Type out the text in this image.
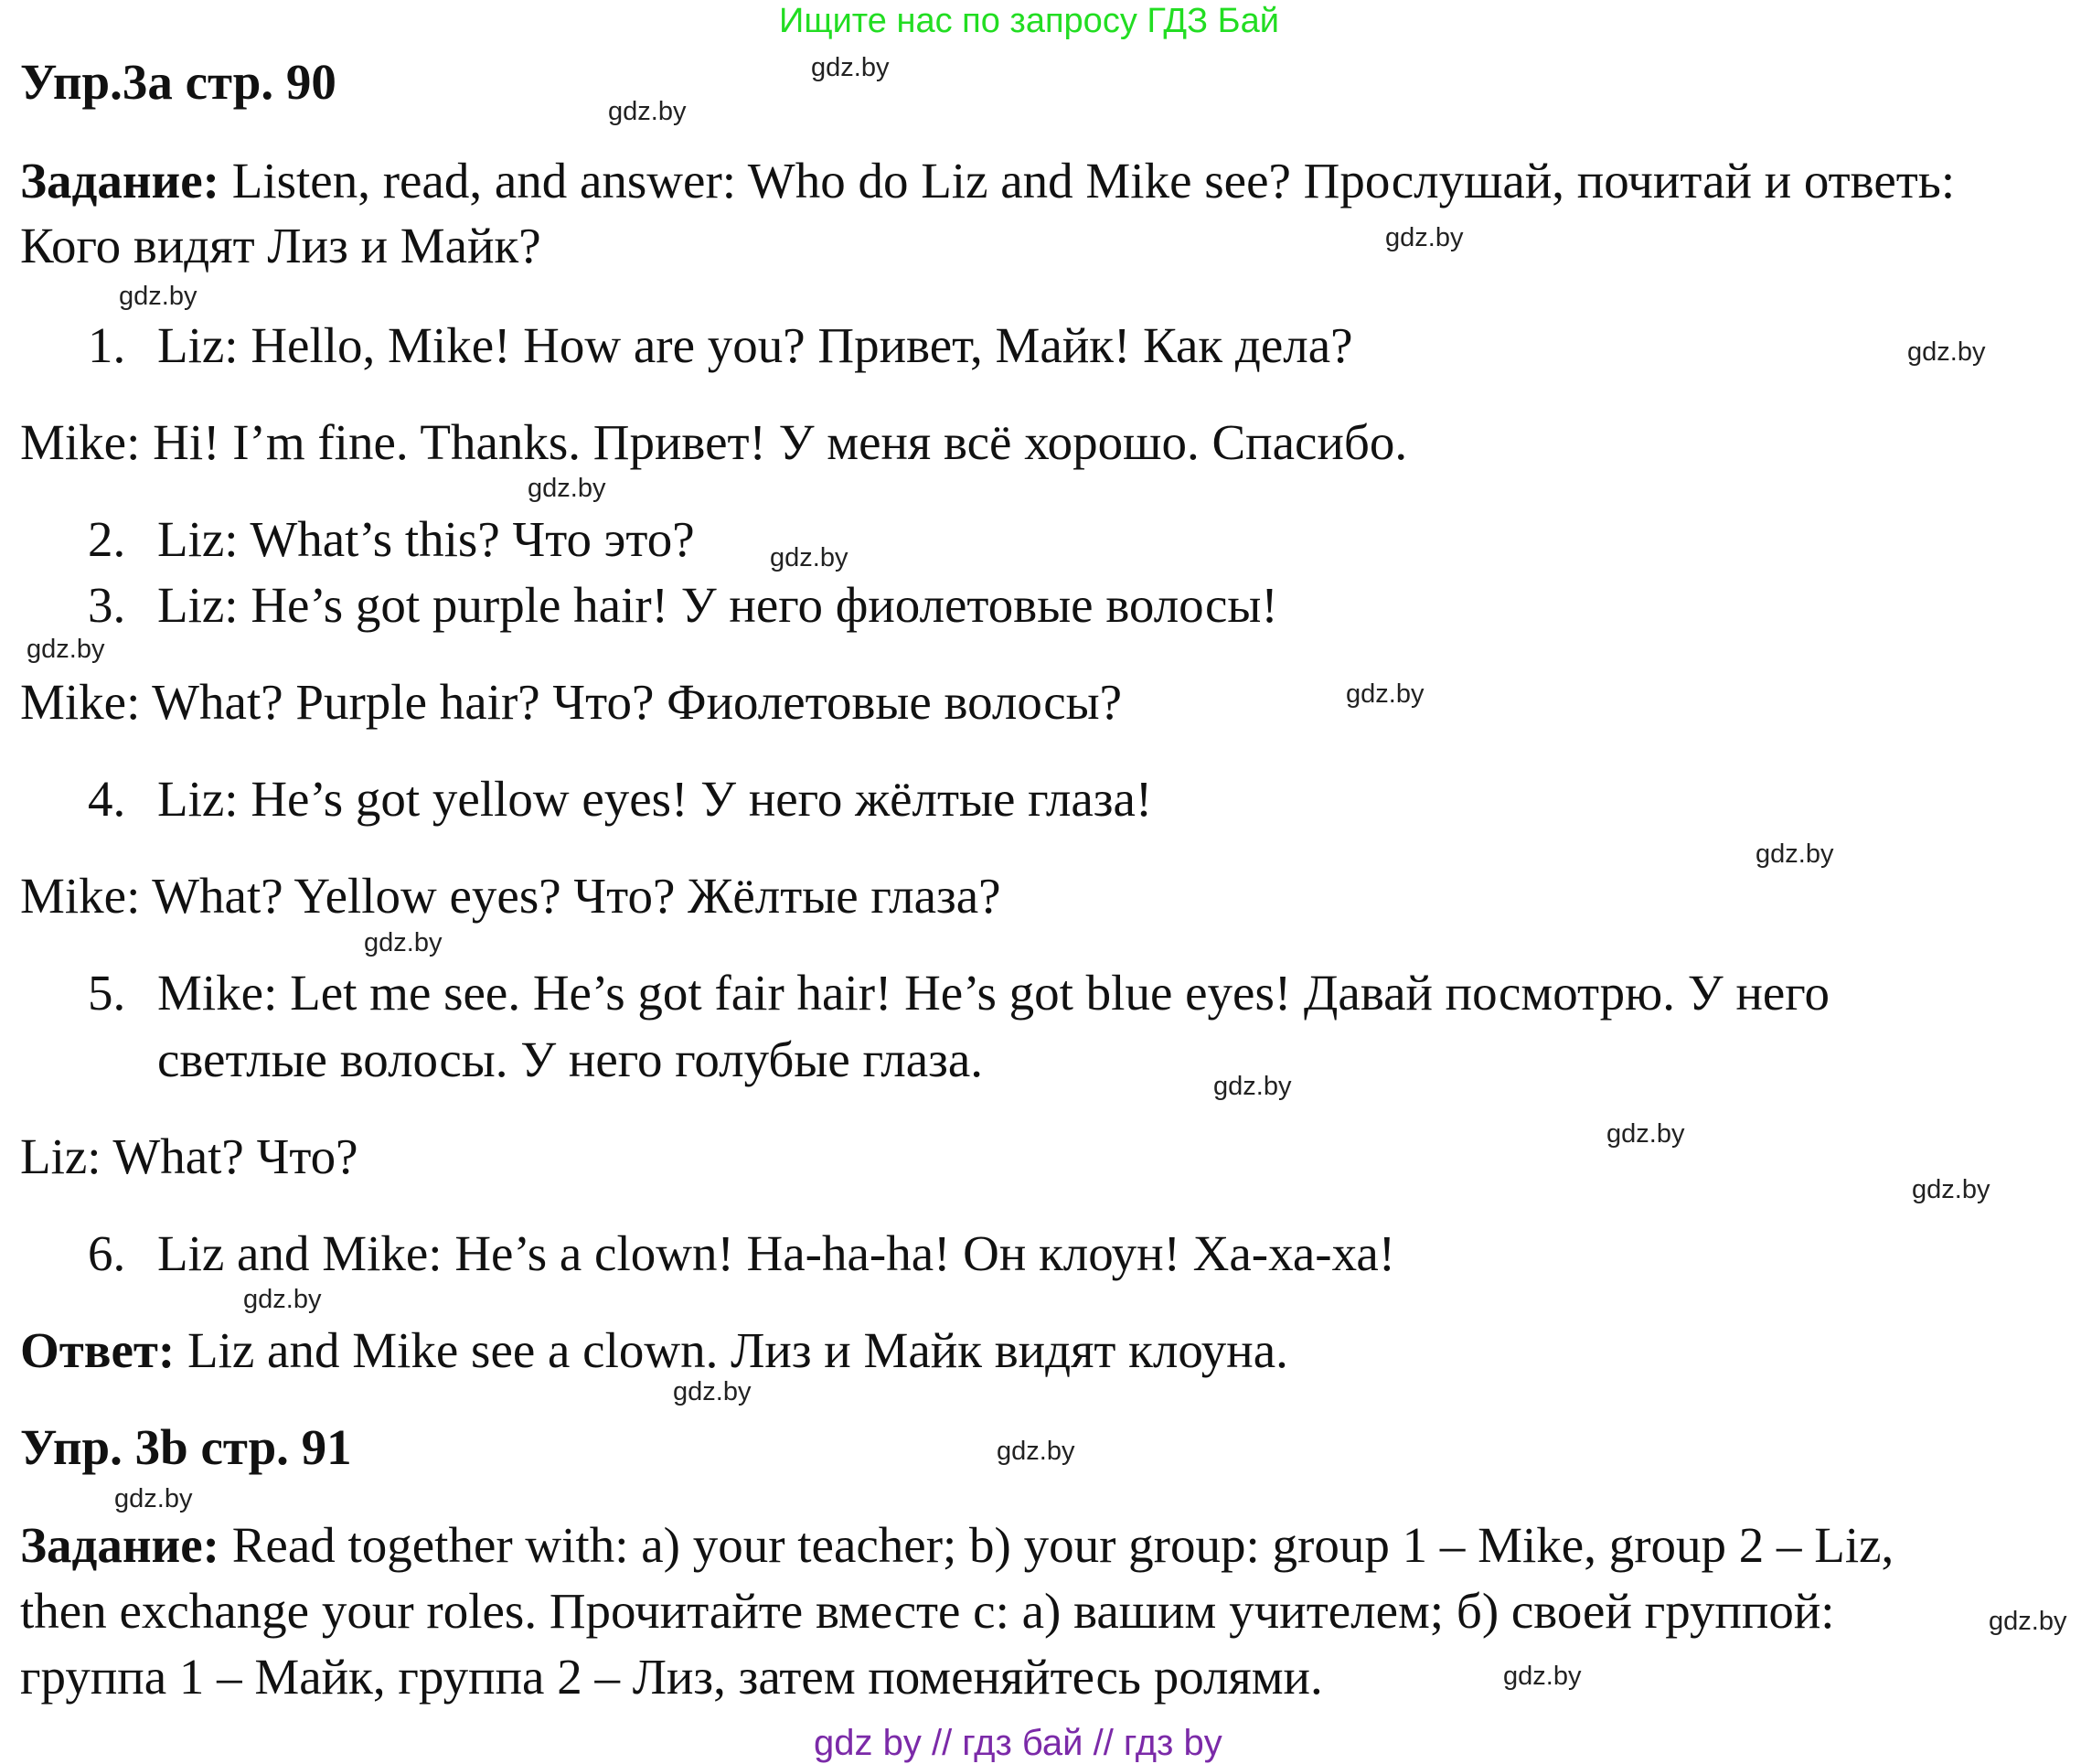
Ищите нас по запросу ГДЗ Бай
Упр.3а стр. 90
Задание: Listen, read, and answer: Who do Liz and Mike see? Прослушай, почитай и ответь:
Кого видят Лиз и Майк?
1. Liz: Hello, Mike! How are you? Привет, Майк! Как дела?
Mike: Hi! I’m fine. Thanks. Привет! У меня всё хорошо. Спасибо.
2. Liz: What’s this? Что это?
3. Liz: He’s got purple hair! У него фиолетовые волосы!
Mike: What? Purple hair? Что? Фиолетовые волосы?
4. Liz: He’s got yellow eyes! У него жёлтые глаза!
Mike: What? Yellow eyes? Что? Жёлтые глаза?
5. Mike: Let me see. He’s got fair hair! He’s got blue eyes! Давай посмотрю. У него
светлые волосы. У него голубые глаза.
Liz: What? Что?
6. Liz and Mike: He’s a clown! Ha-ha-ha! Он клоун! Ха-ха-ха!
Ответ: Liz and Mike see a clown. Лиз и Майк видят клоуна.
Упр. 3b стр. 91
Задание: Read together with: a) your teacher; b) your group: group 1 – Mike, group 2 – Liz,
then exchange your roles. Прочитайте вместе с: а) вашим учителем; б) своей группой:
группа 1 – Майк, группа 2 – Лиз, затем поменяйтесь ролями.
gdz.by
gdz.by
gdz.by
gdz.by
gdz.by
gdz.by
gdz.by
gdz.by
gdz.by
gdz.by
gdz.by
gdz.by
gdz.by
gdz.by
gdz.by
gdz.by
gdz.by
gdz.by
gdz.by
gdz.by
gdz by // гдз бай // гдз by
